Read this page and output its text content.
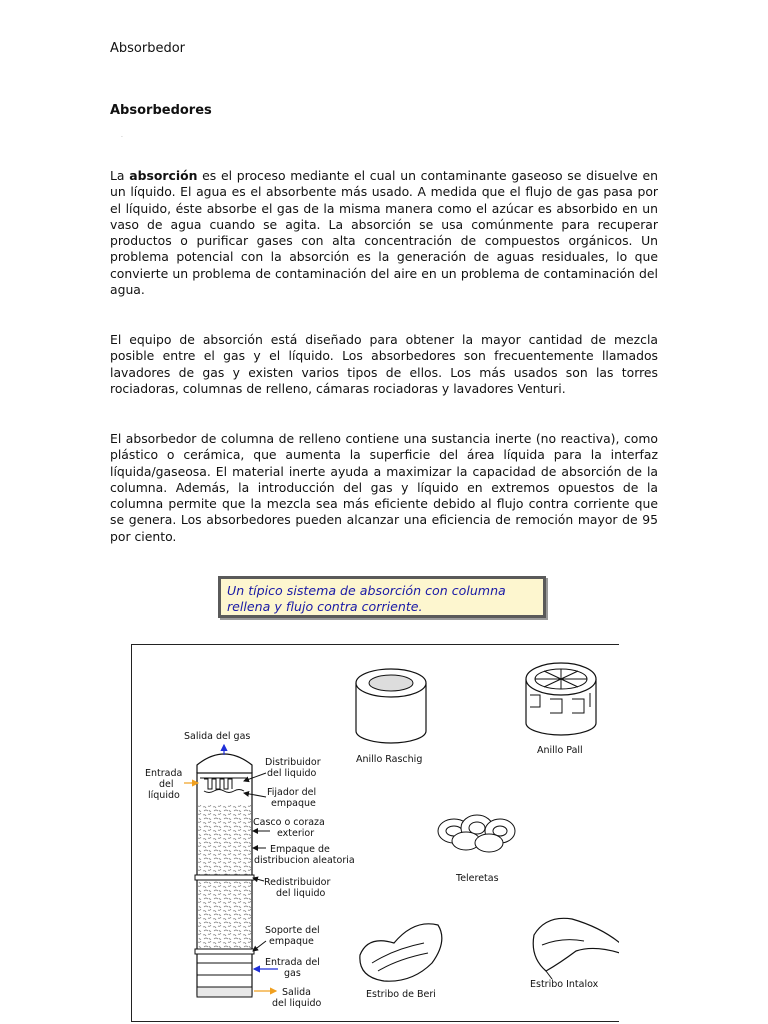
Absorbedor
Absorbedores
.
La absorción es el proceso mediante el cual un contaminante gaseoso se disuelve en un líquido. El agua es el absorbente más usado. A medida que el flujo de gas pasa por el líquido, éste absorbe el gas de la misma manera como el azúcar es absorbido en un vaso de agua cuando se agita. La absorción se usa comúnmente para recuperar productos o purificar gases con alta concentración de compuestos orgánicos. Un problema potencial con la absorción es la generación de aguas residuales, lo que convierte un problema de contaminación del aire en un problema de contaminación del agua.
El equipo de absorción está diseñado para obtener la mayor cantidad de mezcla posible entre el gas y el líquido. Los absorbedores son frecuentemente llamados lavadores de gas y existen varios tipos de ellos. Los más usados son las torres rociadoras, columnas de relleno, cámaras rociadoras y lavadores Venturi.
El absorbedor de columna de relleno contiene una sustancia inerte (no reactiva), como plástico o cerámica, que aumenta la superficie del área líquida para la interfaz líquida/gaseosa. El material inerte ayuda a maximizar la capacidad de absorción de la columna. Además, la introducción del gas y líquido en extremos opuestos de la columna permite que la mezcla sea más eficiente debido al flujo contra corriente que se genera. Los absorbedores pueden alcanzar una eficiencia de remoción mayor de 95 por ciento.
Un típico sistema de absorción con columna rellena y flujo contra corriente.
Salida del gas
Entrada
del
líquido
Distribuidor
del liquido
Fijador del
empaque
Casco o coraza
exterior
Empaque de
distribucion aleatoria
Redistribuidor
del liquido
Soporte del
empaque
Entrada del
gas
Salida
del liquido
Anillo Raschig
Anillo Pall
Teleretas
Estribo de Beri
Estribo Intalox
